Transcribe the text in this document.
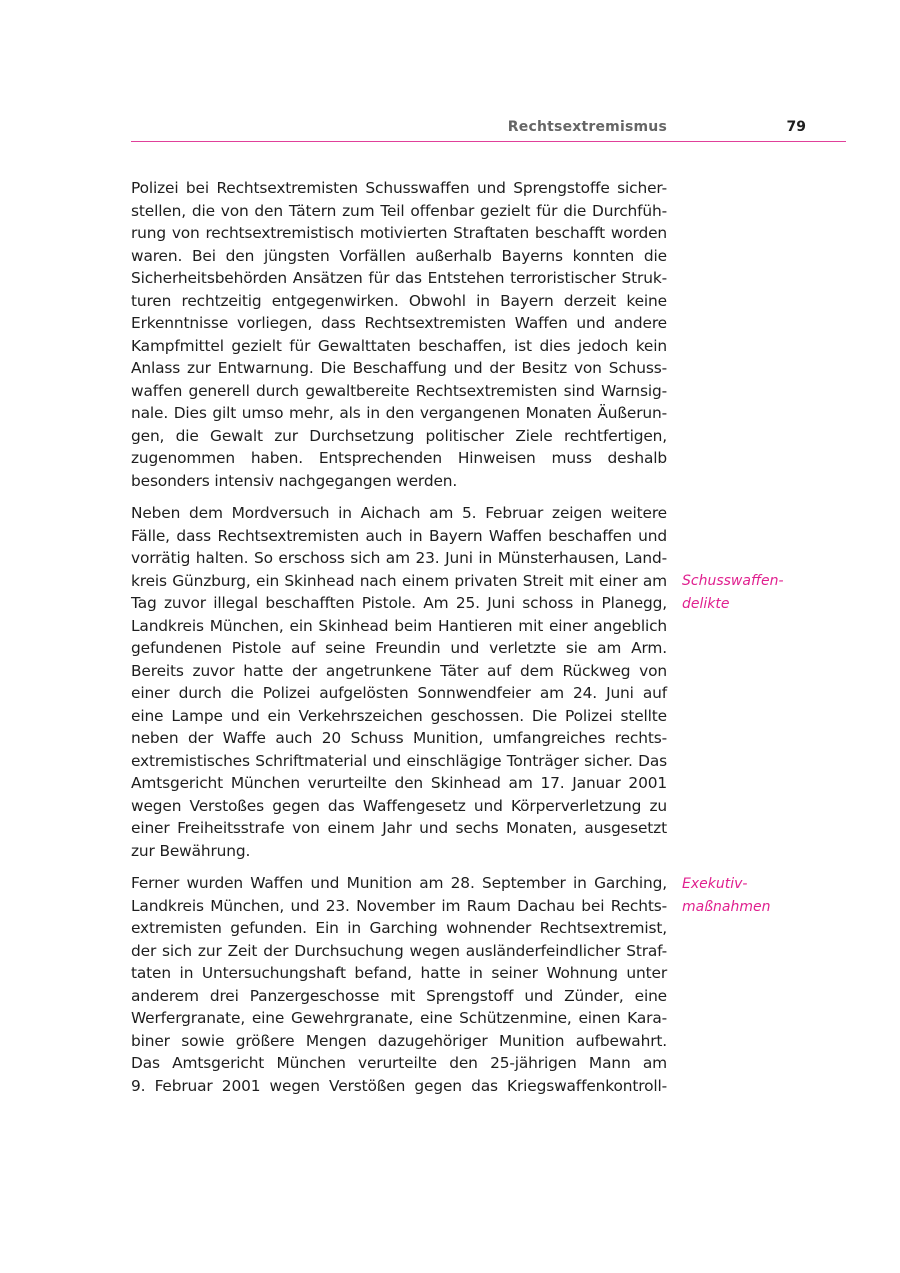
Rechtsextremismus	79

Polizei bei Rechtsextremisten Schusswaffen und Sprengstoffe sicher-
stellen, die von den Tätern zum Teil offenbar gezielt für die Durchfüh-
rung von rechtsextremistisch motivierten Straftaten beschafft worden
waren. Bei den jüngsten Vorfällen außerhalb Bayerns konnten die
Sicherheitsbehörden Ansätzen für das Entstehen terroristischer Struk-
turen rechtzeitig entgegenwirken. Obwohl in Bayern derzeit keine
Erkenntnisse vorliegen, dass Rechtsextremisten Waffen und andere
Kampfmittel gezielt für Gewalttaten beschaffen, ist dies jedoch kein
Anlass zur Entwarnung. Die Beschaffung und der Besitz von Schuss-
waffen generell durch gewaltbereite Rechtsextremisten sind Warnsig-
nale. Dies gilt umso mehr, als in den vergangenen Monaten Äußerun-
gen, die Gewalt zur Durchsetzung politischer Ziele rechtfertigen,
zugenommen haben. Entsprechenden Hinweisen muss deshalb
besonders intensiv nachgegangen werden.

Neben dem Mordversuch in Aichach am 5. Februar zeigen weitere
Fälle, dass Rechtsextremisten auch in Bayern Waffen beschaffen und
vorrätig halten. So erschoss sich am 23. Juni in Münsterhausen, Land-
kreis Günzburg, ein Skinhead nach einem privaten Streit mit einer am
Tag zuvor illegal beschafften Pistole. Am 25. Juni schoss in Planegg,
Landkreis München, ein Skinhead beim Hantieren mit einer angeblich
gefundenen Pistole auf seine Freundin und verletzte sie am Arm.
Bereits zuvor hatte der angetrunkene Täter auf dem Rückweg von
einer durch die Polizei aufgelösten Sonnwendfeier am 24. Juni auf
eine Lampe und ein Verkehrszeichen geschossen. Die Polizei stellte
neben der Waffe auch 20 Schuss Munition, umfangreiches rechts-
extremistisches Schriftmaterial und einschlägige Tonträger sicher. Das
Amtsgericht München verurteilte den Skinhead am 17. Januar 2001
wegen Verstoßes gegen das Waffengesetz und Körperverletzung zu
einer Freiheitsstrafe von einem Jahr und sechs Monaten, ausgesetzt
zur Bewährung.

Ferner wurden Waffen und Munition am 28. September in Garching,
Landkreis München, und 23. November im Raum Dachau bei Rechts-
extremisten gefunden. Ein in Garching wohnender Rechtsextremist,
der sich zur Zeit der Durchsuchung wegen ausländerfeindlicher Straf-
taten in Untersuchungshaft befand, hatte in seiner Wohnung unter
anderem drei Panzergeschosse mit Sprengstoff und Zünder, eine
Werfergranate, eine Gewehrgranate, eine Schützenmine, einen Kara-
biner sowie größere Mengen dazugehöriger Munition aufbewahrt.
Das Amtsgericht München verurteilte den 25-jährigen Mann am
9. Februar 2001 wegen Verstößen gegen das Kriegswaffenkontroll-

Schusswaffen-
delikte
Exekutiv-
maßnahmen
